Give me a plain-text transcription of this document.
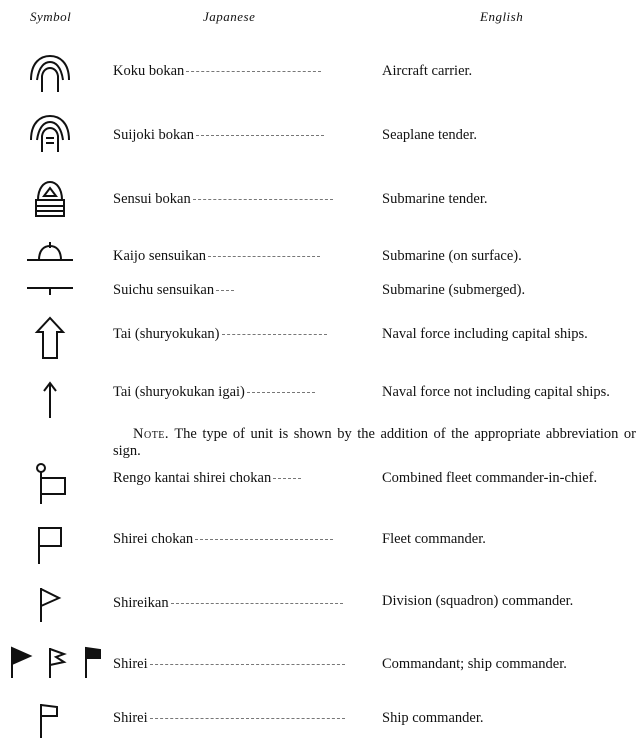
Symbol	Japanese	English
Koku bokan	Aircraft carrier.
Suijoki bokan	Seaplane tender.
Sensui bokan	Submarine tender.
Kaijo sensuikan	Submarine (on surface).
Suichu sensuikan	Submarine (submerged).
Tai (shuryokukan)	Naval force including capital ships.
Tai (shuryokukan igai)	Naval force not including capital ships.
Note. The type of unit is shown by the addition of the appropriate abbreviation or sign.
Rengo kantai shirei chokan	Combined fleet commander-in-chief.
Shirei chokan	Fleet commander.
Shireikan	Division (squadron) commander.
Shirei	Commandant; ship commander.
Shirei	Ship commander.
